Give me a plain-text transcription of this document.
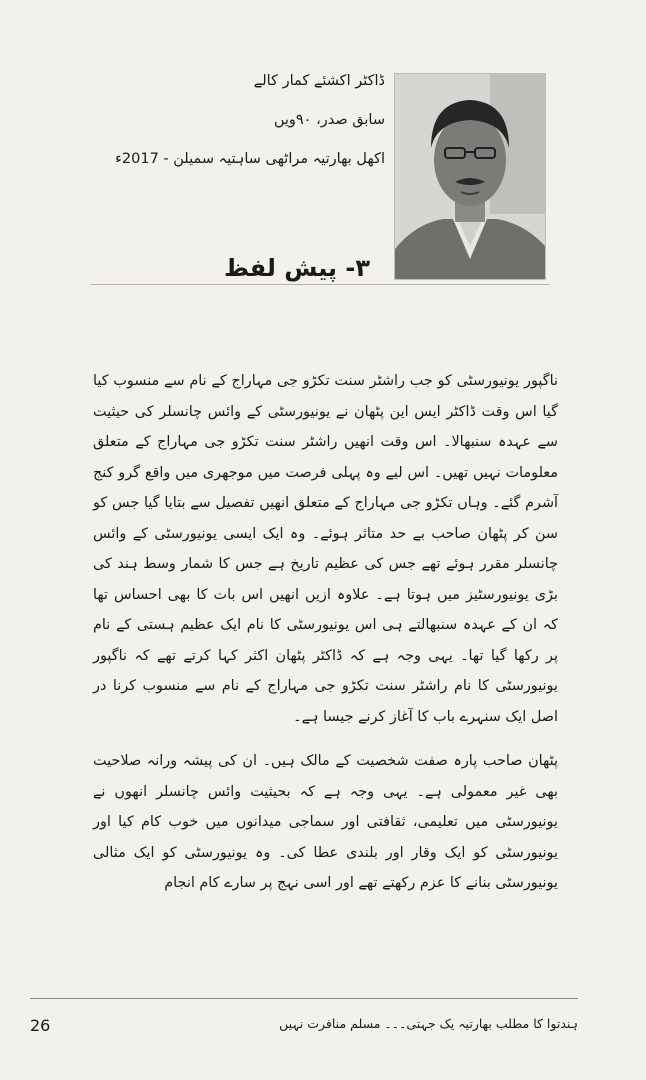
ڈاکٹر اکشئے کمار کالے
سابق صدر، ۹۰ویں
اکھل بھارتیہ مراٹھی ساہتیہ سمیلن - 2017ء
۳- پیش لفظ

ناگپور یونیورسٹی کو جب راشٹر سنت تکڑو جی مہاراج کے نام سے منسوب کیا گیا اس وقت ڈاکٹر ایس این پٹھان نے یونیورسٹی کے وائس چانسلر کی حیثیت سے عہدہ سنبھالا۔ اس وقت انھیں راشٹر سنت تکڑو جی مہاراج کے متعلق معلومات نہیں تھیں۔ اس لیے وہ پہلی فرصت میں موجھری میں واقع گرو کنج آشرم گئے۔ وہاں تکڑو جی مہاراج کے متعلق انھیں تفصیل سے بتایا گیا جس کو سن کر پٹھان صاحب بے حد متاثر ہوئے۔ وہ ایک ایسی یونیورسٹی کے وائس چانسلر مقرر ہوئے تھے جس کی عظیم تاریخ ہے جس کا شمار وسط ہند کی بڑی یونیورسٹیز میں ہوتا ہے۔ علاوہ ازیں انھیں اس بات کا بھی احساس تھا کہ ان کے عہدہ سنبھالتے ہی اس یونیورسٹی کا نام ایک عظیم ہستی کے نام پر رکھا گیا تھا۔ یہی وجہ ہے کہ ڈاکٹر پٹھان اکثر کہا کرتے تھے کہ ناگپور یونیورسٹی کا نام راشٹر سنت تکڑو جی مہاراج کے نام سے منسوب کرنا در اصل ایک سنہرے باب کا آغاز کرنے جیسا ہے۔

پٹھان صاحب پارہ صفت شخصیت کے مالک ہیں۔ ان کی پیشہ ورانہ صلاحیت بھی غیر معمولی ہے۔ یہی وجہ ہے کہ بحیثیت وائس چانسلر انھوں نے یونیورسٹی میں تعلیمی، ثقافتی اور سماجی میدانوں میں خوب کام کیا اور یونیورسٹی کو ایک وقار اور بلندی عطا کی۔ وہ یونیورسٹی کو ایک مثالی یونیورسٹی بنانے کا عزم رکھتے تھے اور اسی نہج پر سارے کام انجام

26	ہندتوا کا مطلب بھارتیہ یک جہتی۔۔۔ مسلم منافرت نہیں
